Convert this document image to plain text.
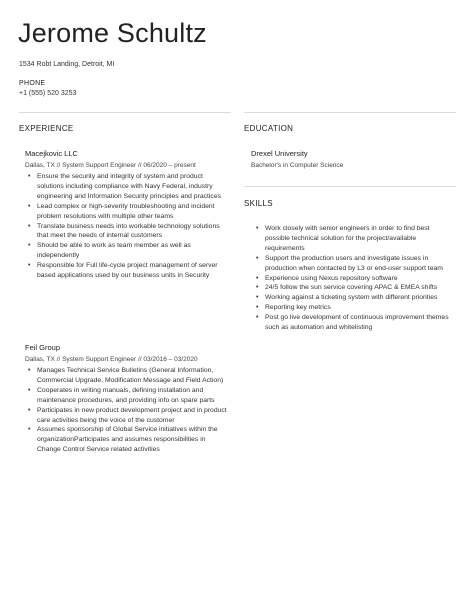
Jerome Schultz
1534 Robt Landing, Detroit, MI
PHONE
+1 (555) 520 3253
EXPERIENCE
Macejkovic LLC
Dallas, TX // System Support Engineer // 06/2020 – present
• Ensure the security and integrity of system and product solutions including compliance with Navy Federal, industry engineering and Information Security principles and practices
• Lead complex or high-severity troubleshooting and incident problem resolutions with multiple other teams
• Translate business needs into workable technology solutions that meet the needs of internal customers
• Should be able to work as team member as well as independently
• Responsible for Full life-cycle project management of server based applications used by our business units in Security
Feil Group
Dallas, TX // System Support Engineer // 03/2016 – 03/2020
• Manages Technical Service Bulletins (General Information, Commercial Upgrade, Modification Message and Field Action)
• Cooperates in writing manuals, defining installation and maintenance procedures, and providing info on spare parts
• Participates in new product development project and in product care activities being the voice of the customer
• Assumes sponsorship of Global Service initiatives within the organizationParticipates and assumes responsibilities in Change Control Service related activities
EDUCATION
Drexel University
Bachelor's in Computer Science
SKILLS
• Work closely with senior engineers in order to find best possible technical solution for the project/available requirements
• Support the production users and investigate issues in production when contacted by L3 or end-user support team
• Experience using Nexus repository software
• 24/5 follow the sun service covering APAC & EMEA shifts
• Working against a ticketing system with different priorities
• Reporting key metrics
• Post go live development of continuous improvement themes such as automation and whitelisting
